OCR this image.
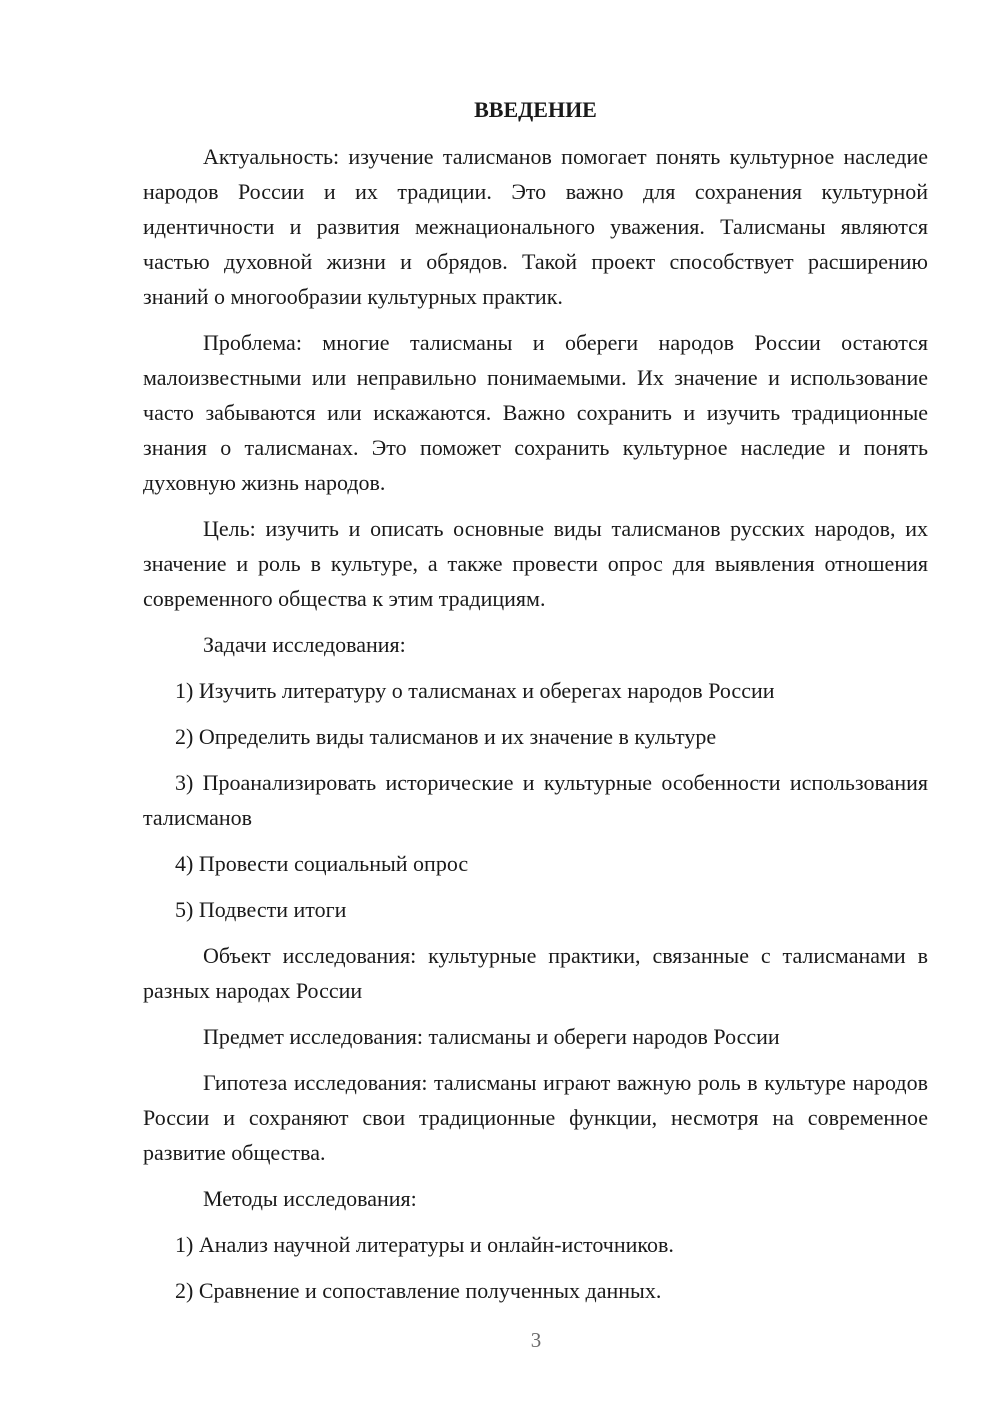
ВВЕДЕНИЕ

Актуальность: изучение талисманов помогает понять культурное наследие народов России и их традиции. Это важно для сохранения культурной идентичности и развития межнационального уважения. Талисманы являются частью духовной жизни и обрядов. Такой проект способствует расширению знаний о многообразии культурных практик.

Проблема: многие талисманы и обереги народов России остаются малоизвестными или неправильно понимаемыми. Их значение и использование часто забываются или искажаются. Важно сохранить и изучить традиционные знания о талисманах. Это поможет сохранить культурное наследие и понять духовную жизнь народов.

Цель: изучить и описать основные виды талисманов русских народов, их значение и роль в культуре, а также провести опрос для выявления отношения современного общества к этим традициям.

Задачи исследования:

1) Изучить литературу о талисманах и оберегах народов России

2) Определить виды талисманов и их значение в культуре

3) Проанализировать исторические и культурные особенности использования талисманов

4) Провести социальный опрос

5) Подвести итоги

Объект исследования: культурные практики, связанные с талисманами в разных народах России

Предмет исследования: талисманы и обереги народов России

Гипотеза исследования: талисманы играют важную роль в культуре народов России и сохраняют свои традиционные функции, несмотря на современное развитие общества.

Методы исследования:

1) Анализ научной литературы и онлайн-источников.

2) Сравнение и сопоставление полученных данных.

3
